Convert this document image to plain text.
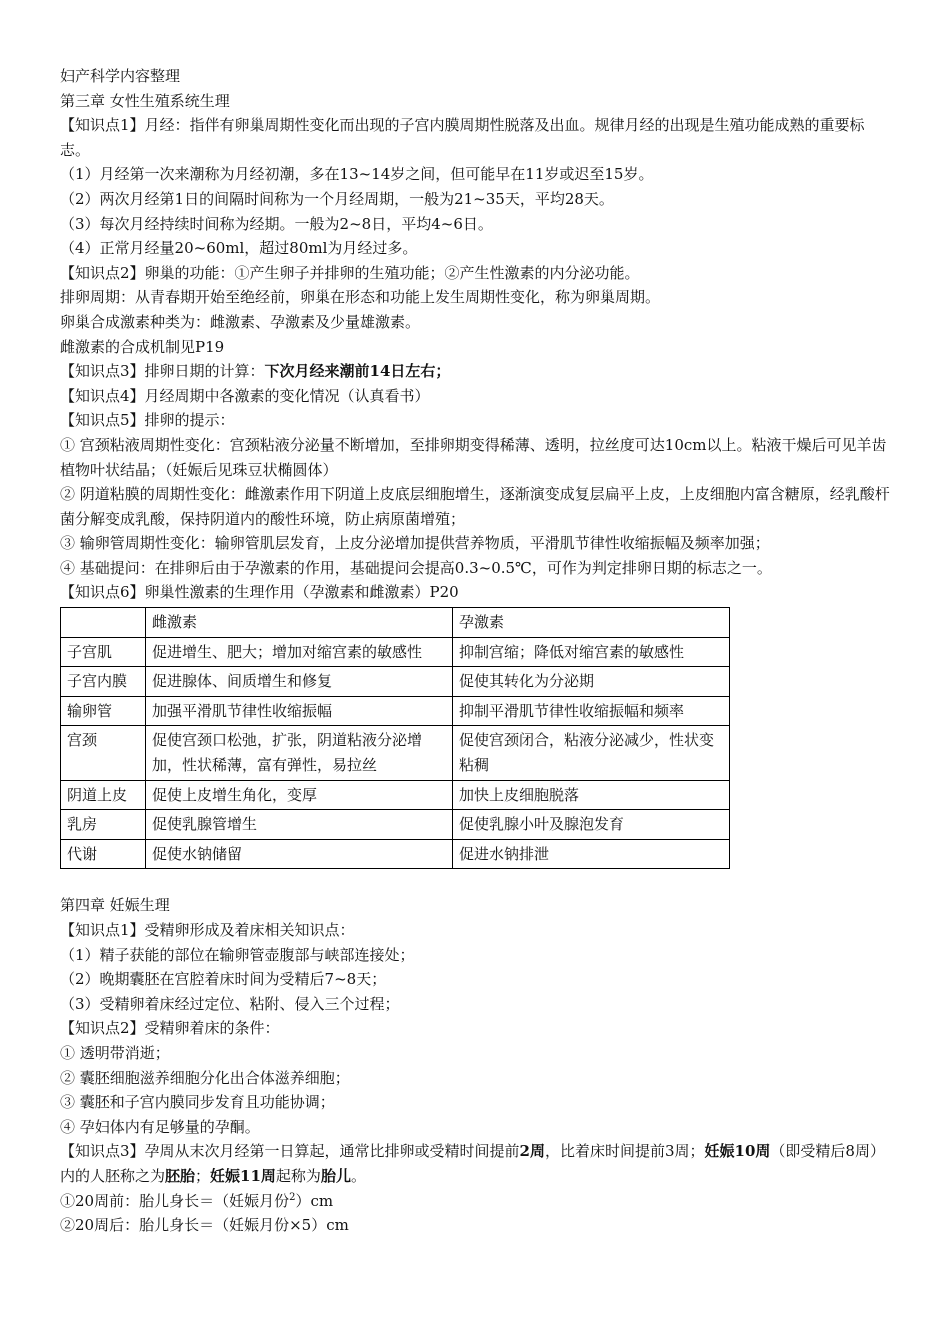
妇产科学内容整理
第三章 女性生殖系统生理
【知识点1】月经：指伴有卵巢周期性变化而出现的子宫内膜周期性脱落及出血。规律月经的出现是生殖功能成熟的重要标志。
（1）月经第一次来潮称为月经初潮，多在13~14岁之间，但可能早在11岁或迟至15岁。
（2）两次月经第1日的间隔时间称为一个月经周期，一般为21~35天，平均28天。
（3）每次月经持续时间称为经期。一般为2~8日，平均4~6日。
（4）正常月经量20~60ml，超过80ml为月经过多。
【知识点2】卵巢的功能：①产生卵子并排卵的生殖功能；②产生性激素的内分泌功能。
排卵周期：从青春期开始至绝经前，卵巢在形态和功能上发生周期性变化，称为卵巢周期。
卵巢合成激素种类为：雌激素、孕激素及少量雄激素。
雌激素的合成机制见P19
【知识点3】排卵日期的计算：下次月经来潮前14日左右；
【知识点4】月经周期中各激素的变化情况（认真看书）
【知识点5】排卵的提示：
① 宫颈粘液周期性变化：宫颈粘液分泌量不断增加，至排卵期变得稀薄、透明，拉丝度可达10cm以上。粘液干燥后可见羊齿植物叶状结晶；（妊娠后见珠豆状椭圆体）
② 阴道粘膜的周期性变化：雌激素作用下阴道上皮底层细胞增生，逐渐演变成复层扁平上皮，上皮细胞内富含糖原，经乳酸杆菌分解变成乳酸，保持阴道内的酸性环境，防止病原菌增殖；
③ 输卵管周期性变化：输卵管肌层发育，上皮分泌增加提供营养物质，平滑肌节律性收缩振幅及频率加强；
④ 基础提问：在排卵后由于孕激素的作用，基础提问会提高0.3~0.5℃，可作为判定排卵日期的标志之一。
【知识点6】卵巢性激素的生理作用（孕激素和雌激素）P20
	雌激素	孕激素
子宫肌	促进增生、肥大；增加对缩宫素的敏感性	抑制宫缩；降低对缩宫素的敏感性
子宫内膜	促进腺体、间质增生和修复	促使其转化为分泌期
输卵管	加强平滑肌节律性收缩振幅	抑制平滑肌节律性收缩振幅和频率
宫颈	促使宫颈口松弛，扩张，阴道粘液分泌增加，性状稀薄，富有弹性，易拉丝	促使宫颈闭合，粘液分泌减少，性状变粘稠
阴道上皮	促使上皮增生角化，变厚	加快上皮细胞脱落
乳房	促使乳腺管增生	促使乳腺小叶及腺泡发育
代谢	促使水钠储留	促进水钠排泄
第四章 妊娠生理
【知识点1】受精卵形成及着床相关知识点：
（1）精子获能的部位在输卵管壶腹部与峡部连接处；
（2）晚期囊胚在宫腔着床时间为受精后7~8天；
（3）受精卵着床经过定位、粘附、侵入三个过程；
【知识点2】受精卵着床的条件：
① 透明带消逝；
② 囊胚细胞滋养细胞分化出合体滋养细胞；
③ 囊胚和子宫内膜同步发育且功能协调；
④ 孕妇体内有足够量的孕酮。
【知识点3】孕周从末次月经第一日算起，通常比排卵或受精时间提前2周，比着床时间提前3周；妊娠10周（即受精后8周）内的人胚称之为胚胎；妊娠11周起称为胎儿。
①20周前：胎儿身长＝（妊娠月份$^2$）cm
②20周后：胎儿身长＝（妊娠月份×5）cm
